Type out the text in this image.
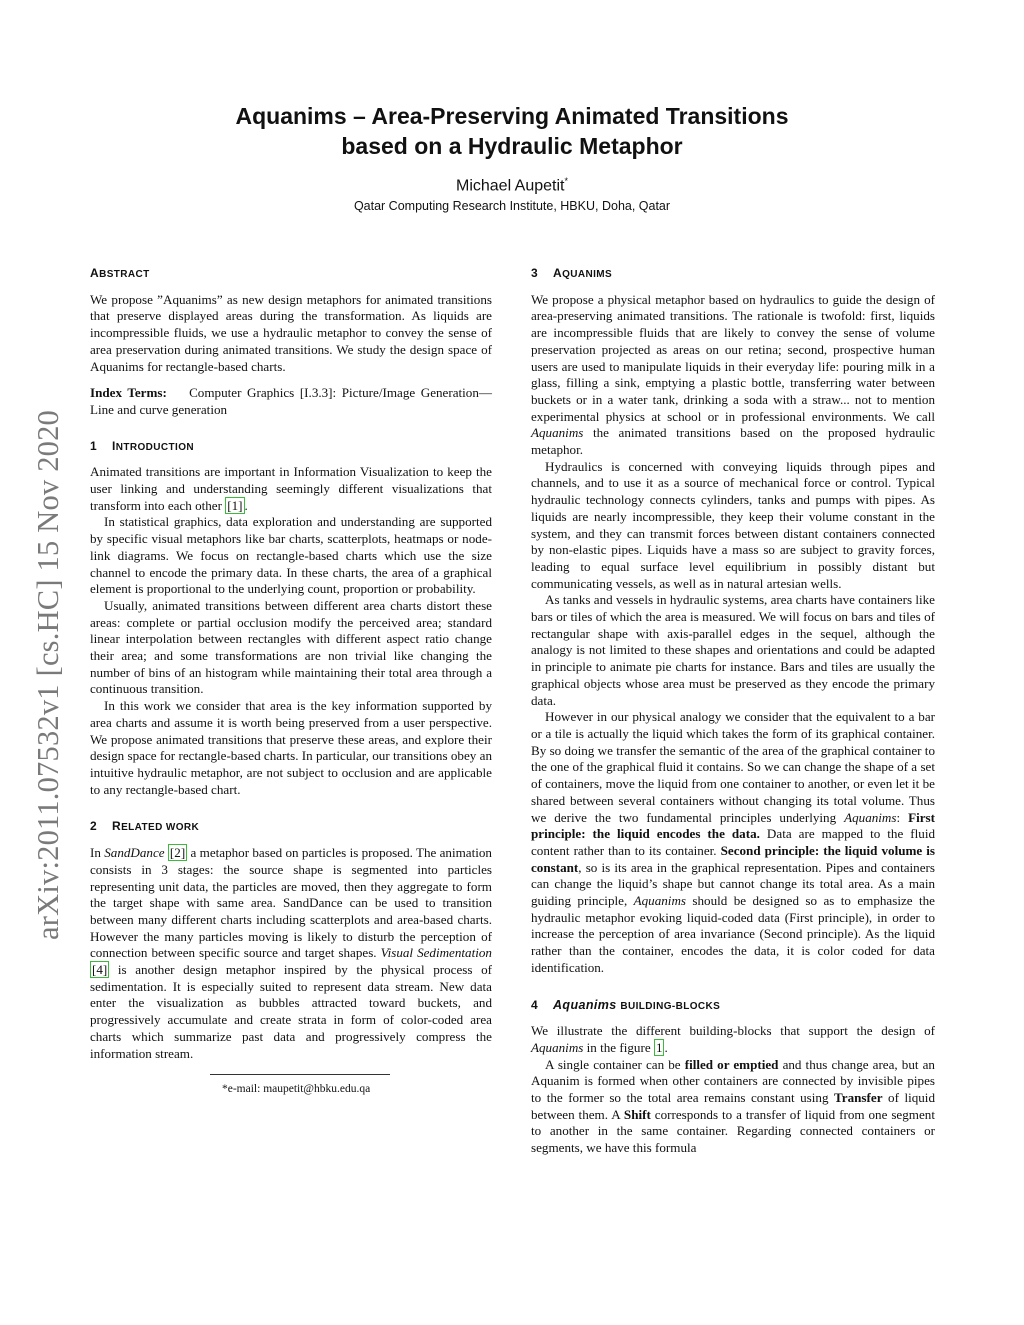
arXiv:2011.07532v1 [cs.HC] 15 Nov 2020
Aquanims – Area-Preserving Animated Transitions
based on a Hydraulic Metaphor
Michael Aupetit*
Qatar Computing Research Institute, HBKU, Doha, Qatar
ABSTRACT

We propose ”Aquanims” as new design metaphors for animated transitions that preserve displayed areas during the transformation. As liquids are incompressible fluids, we use a hydraulic metaphor to convey the sense of area preservation during animated transitions. We study the design space of Aquanims for rectangle-based charts.

Index Terms: Computer Graphics [I.3.3]: Picture/Image Generation—Line and curve generation

1 INTRODUCTION

Animated transitions are important in Information Visualization to keep the user linking and understanding seemingly different visualizations that transform into each other [1] .

In statistical graphics, data exploration and understanding are supported by specific visual metaphors like bar charts, scatterplots, heatmaps or node-link diagrams. We focus on rectangle-based charts which use the size channel to encode the primary data. In these charts, the area of a graphical element is proportional to the underlying count, proportion or probability.

Usually, animated transitions between different area charts distort these areas: complete or partial occlusion modify the perceived area; standard linear interpolation between rectangles with different aspect ratio change their area; and some transformations are non trivial like changing the number of bins of an histogram while maintaining their total area through a continuous transition.

In this work we consider that area is the key information supported by area charts and assume it is worth being preserved from a user perspective. We propose animated transitions that preserve these areas, and explore their design space for rectangle-based charts. In particular, our transitions obey an intuitive hydraulic metaphor, are not subject to occlusion and are applicable to any rectangle-based chart.

2 RELATED WORK

In SandDance [2] a metaphor based on particles is proposed. The animation consists in 3 stages: the source shape is segmented into particles representing unit data, the particles are moved, then they aggregate to form the target shape with same area. SandDance can be used to transition between many different charts including scatterplots and area-based charts. However the many particles moving is likely to disturb the perception of connection between specific source and target shapes. Visual Sedimentation [4] is another design metaphor inspired by the physical process of sedimentation. It is especially suited to represent data stream. New data enter the visualization as bubbles attracted toward buckets, and progressively accumulate and create strata in form of color-coded area charts which summarize past data and progressively compress the information stream.

*e-mail: maupetit@hbku.edu.qa
3 AQUANIMS

We propose a physical metaphor based on hydraulics to guide the design of area-preserving animated transitions. The rationale is twofold: first, liquids are incompressible fluids that are likely to convey the sense of volume preservation projected as areas on our retina; second, prospective human users are used to manipulate liquids in their everyday life: pouring milk in a glass, filling a sink, emptying a plastic bottle, transferring water between buckets or in a water tank, drinking a soda with a straw... not to mention experimental physics at school or in professional environments. We call Aquanims the animated transitions based on the proposed hydraulic metaphor.

Hydraulics is concerned with conveying liquids through pipes and channels, and to use it as a source of mechanical force or control. Typical hydraulic technology connects cylinders, tanks and pumps with pipes. As liquids are nearly incompressible, they keep their volume constant in the system, and they can transmit forces between distant containers connected by non-elastic pipes. Liquids have a mass so are subject to gravity forces, leading to equal surface level equilibrium in possibly distant but communicating vessels, as well as in natural artesian wells.

As tanks and vessels in hydraulic systems, area charts have containers like bars or tiles of which the area is measured. We will focus on bars and tiles of rectangular shape with axis-parallel edges in the sequel, although the analogy is not limited to these shapes and orientations and could be adapted in principle to animate pie charts for instance. Bars and tiles are usually the graphical objects whose area must be preserved as they encode the primary data.

However in our physical analogy we consider that the equivalent to a bar or a tile is actually the liquid which takes the form of its graphical container. By so doing we transfer the semantic of the area of the graphical container to the one of the graphical fluid it contains. So we can change the shape of a set of containers, move the liquid from one container to another, or even let it be shared between several containers without changing its total volume. Thus we derive the two fundamental principles underlying Aquanims: First principle: the liquid encodes the data. Data are mapped to the fluid content rather than to its container. Second principle: the liquid volume is constant, so is its area in the graphical representation. Pipes and containers can change the liquid’s shape but cannot change its total area. As a main guiding principle, Aquanims should be designed so as to emphasize the hydraulic metaphor evoking liquid-coded data (First principle), in order to increase the perception of area invariance (Second principle). As the liquid rather than the container, encodes the data, it is color coded for data identification.

4 Aquanims BUILDING-BLOCKS

We illustrate the different building-blocks that support the design of Aquanims in the figure 1 .

A single container can be filled or emptied and thus change area, but an Aquanim is formed when other containers are connected by invisible pipes to the former so the total area remains constant using Transfer of liquid between them. A Shift corresponds to a transfer of liquid from one segment to another in the same container. Regarding connected containers or segments, we have this formula
